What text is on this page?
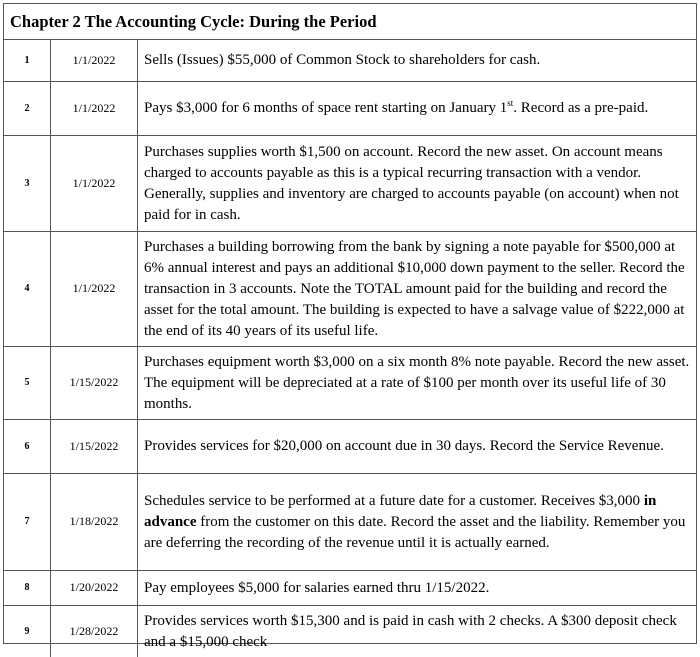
Chapter 2 The Accounting Cycle: During the Period
1	1/1/2022	Sells (Issues) $55,000 of Common Stock to shareholders for cash.
2	1/1/2022	Pays $3,000 for 6 months of space rent starting on January 1st. Record as a pre-paid.
3	1/1/2022	Purchases supplies worth $1,500 on account. Record the new asset. On account means charged to accounts payable as this is a typical recurring transaction with a vendor. Generally, supplies and inventory are charged to accounts payable (on account) when not paid for in cash.
4	1/1/2022	Purchases a building borrowing from the bank by signing a note payable for $500,000 at 6% annual interest and pays an additional $10,000 down payment to the seller. Record the transaction in 3 accounts. Note the TOTAL amount paid for the building and record the asset for the total amount. The building is expected to have a salvage value of $222,000 at the end of its 40 years of its useful life.
5	1/15/2022	Purchases equipment worth $3,000 on a six month 8% note payable. Record the new asset. The equipment will be depreciated at a rate of $100 per month over its useful life of 30 months.
6	1/15/2022	Provides services for $20,000 on account due in 30 days. Record the Service Revenue.
7	1/18/2022	Schedules service to be performed at a future date for a customer. Receives $3,000 in advance from the customer on this date. Record the asset and the liability. Remember you are deferring the recording of the revenue until it is actually earned.
8	1/20/2022	Pay employees $5,000 for salaries earned thru 1/15/2022.
9	1/28/2022	Provides services worth $15,300 and is paid in cash with 2 checks. A $300 deposit check and a $15,000 check
